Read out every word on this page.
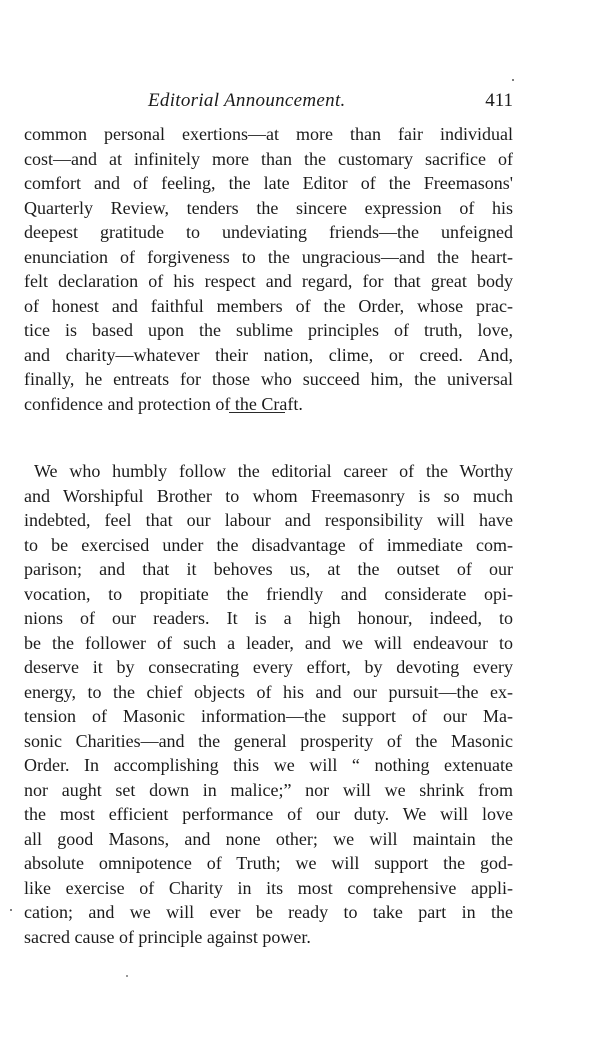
Editorial Announcement.	411
common personal exertions—at more than fair individual
cost—and at infinitely more than the customary sacrifice of
comfort and of feeling, the late Editor of the Freemasons'
Quarterly Review, tenders the sincere expression of his
deepest gratitude to undeviating friends—the unfeigned
enunciation of forgiveness to the ungracious—and the heart-
felt declaration of his respect and regard, for that great body
of honest and faithful members of the Order, whose prac-
tice is based upon the sublime principles of truth, love,
and charity—whatever their nation, clime, or creed. And,
finally, he entreats for those who succeed him, the universal
confidence and protection of the Craft.
We who humbly follow the editorial career of the Worthy
and Worshipful Brother to whom Freemasonry is so much
indebted, feel that our labour and responsibility will have
to be exercised under the disadvantage of immediate com-
parison; and that it behoves us, at the outset of our
vocation, to propitiate the friendly and considerate opi-
nions of our readers. It is a high honour, indeed, to
be the follower of such a leader, and we will endeavour to
deserve it by consecrating every effort, by devoting every
energy, to the chief objects of his and our pursuit—the ex-
tension of Masonic information—the support of our Ma-
sonic Charities—and the general prosperity of the Masonic
Order. In accomplishing this we will “ nothing extenuate
nor aught set down in malice;” nor will we shrink from
the most efficient performance of our duty. We will love
all good Masons, and none other; we will maintain the
absolute omnipotence of Truth; we will support the god-
like exercise of Charity in its most comprehensive appli-
cation; and we will ever be ready to take part in the
sacred cause of principle against power.
